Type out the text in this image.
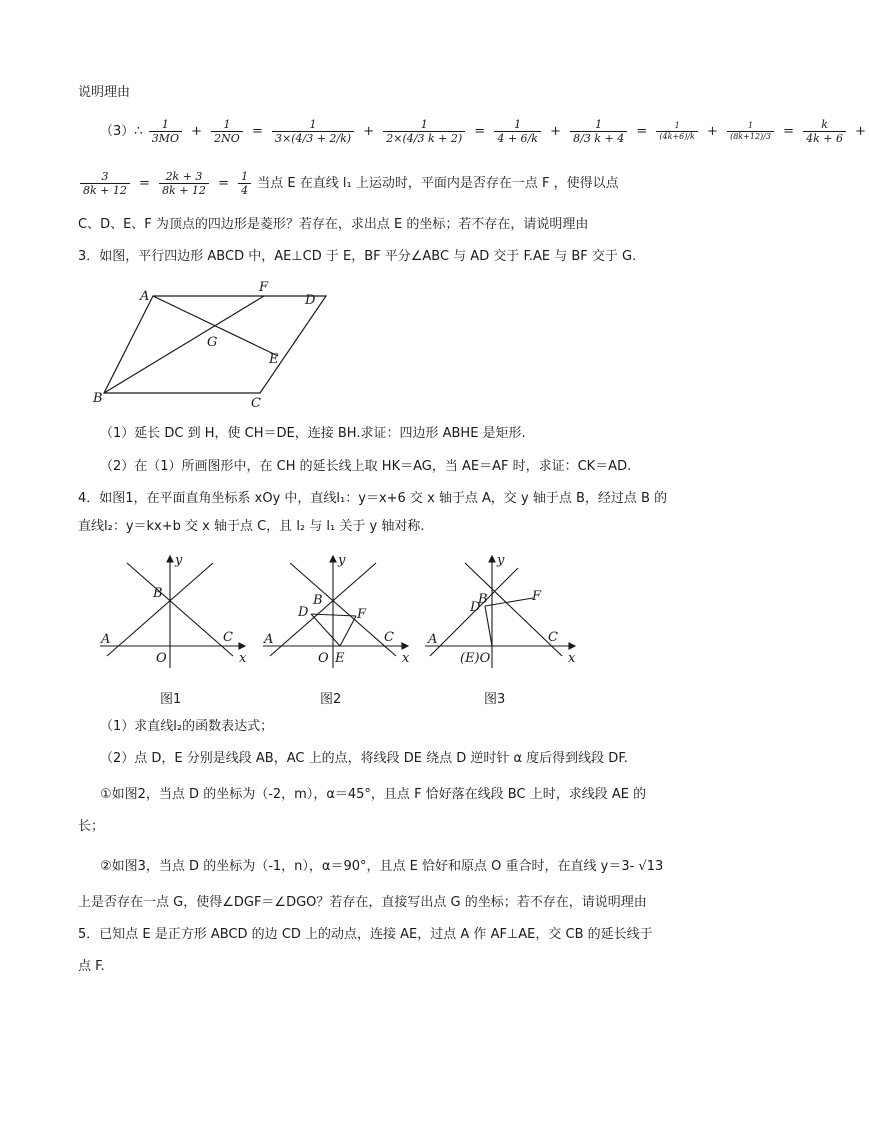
说明理由
（3）∴ $\frac{1}{3MO} + \frac{1}{2NO} = \frac{1}{3\times(4/3 + 2/k)} + \frac{1}{2\times(4/3 k + 2)} = \frac{1}{4 + 6/k} + \frac{1}{8/3 k + 4} = \frac{1}{(4k+6)/k} + \frac{1}{(8k+12)/3} = \frac{k}{4k + 6}$ +
$\frac{3}{8k + 12} = \frac{2k + 3}{8k + 12} = \frac{1}{4}$ 当点 E 在直线 l₁ 上运动时，平面内是否存在一点 F ，使得以点
C、D、E、F 为顶点的四边形是菱形？若存在，求出点 E 的坐标；若不存在，请说明理由
3．如图，平行四边形 ABCD 中，AE⊥CD 于 E，BF 平分∠ABC 与 AD 交于 F.AE 与 BF 交于 G.
A
F
D
G
E
B	C
（1）延长 DC 到 H，使 CH＝DE，连接 BH.求证：四边形 ABHE 是矩形.
（2）在（1）所画图形中，在 CH 的延长线上取 HK＝AG，当 AE＝AF 时，求证：CK＝AD.
4．如图1，在平面直角坐标系 xOy 中，直线l₁：y＝x+6 交 x 轴于点 A，交 y 轴于点 B，经过点 B 的
直线l₂：y＝kx+b 交 x 轴于点 C，且 l₂ 与 l₁ 关于 y 轴对称.
y
x
B
A	C
O
图1
y
x
B
A	C
O
D
E
F
图2
y
x
B
A	C
(E)O
D
F
图3
（1）求直线l₂的函数表达式；
（2）点 D，E 分别是线段 AB，AC 上的点，将线段 DE 绕点 D 逆时针 α 度后得到线段 DF.
①如图2，当点 D 的坐标为（-2，m），α＝45°，且点 F 恰好落在线段 BC 上时，求线段 AE 的
长；
②如图3，当点 D 的坐标为（-1，n），α＝90°，且点 E 恰好和原点 O 重合时，在直线 y＝3- √13
上是否存在一点 G，使得∠DGF＝∠DGO？若存在，直接写出点 G 的坐标；若不存在，请说明理由
5．已知点 E 是正方形 ABCD 的边 CD 上的动点，连接 AE，过点 A 作 AF⊥AE，交 CB 的延长线于
点 F.
